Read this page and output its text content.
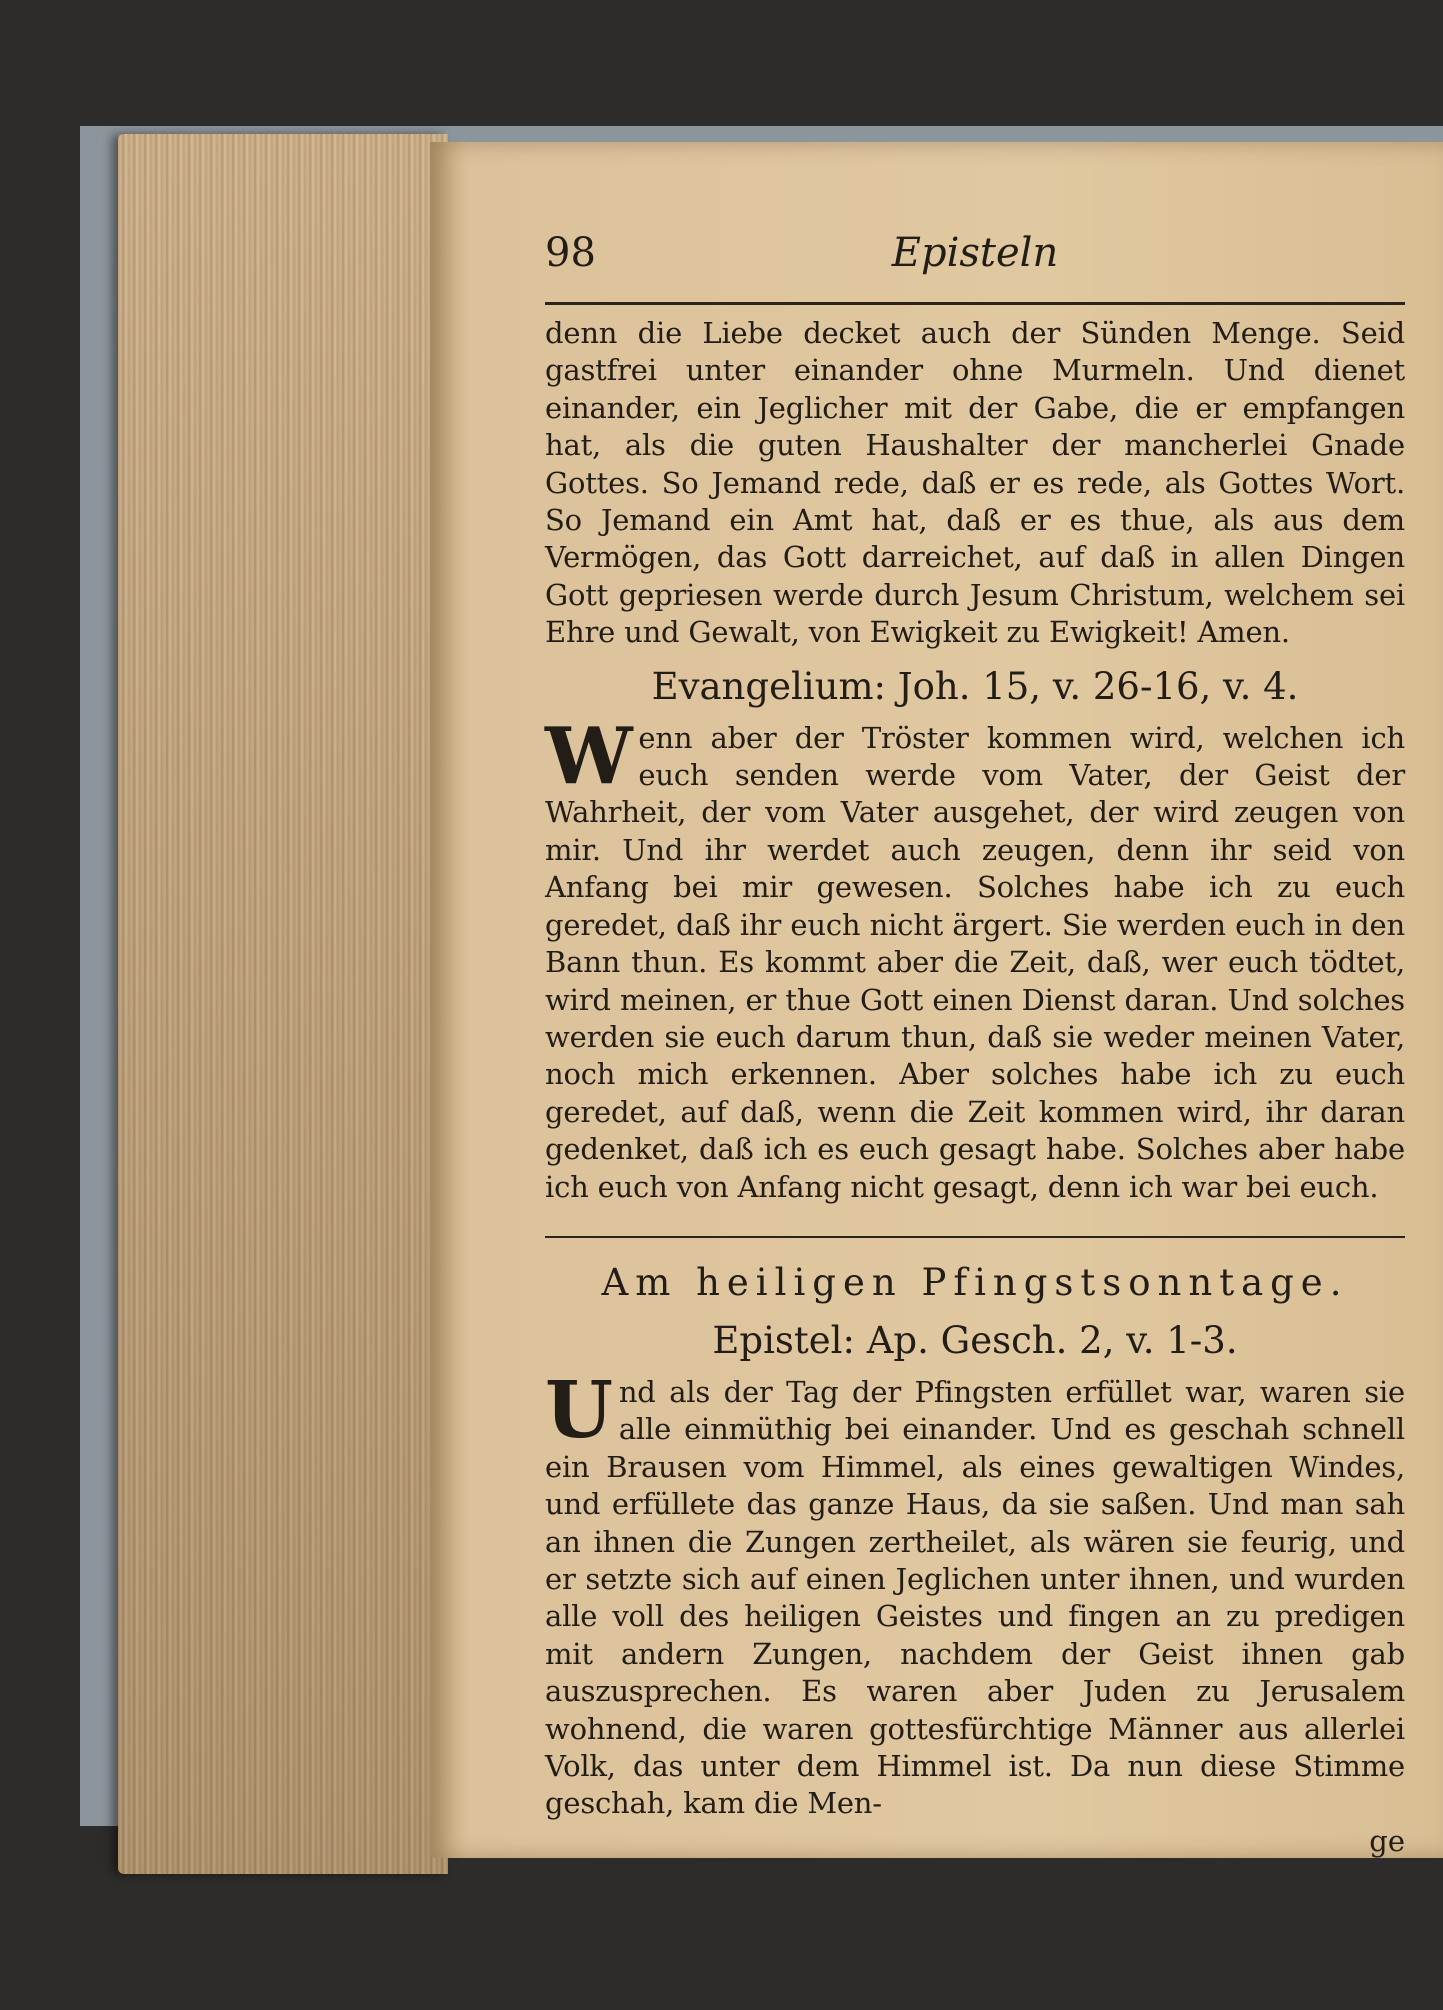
98	Episteln

denn die Liebe decket auch der Sünden Menge. Seid gastfrei unter einander ohne Murmeln. Und dienet einander, ein Jeglicher mit der Gabe, die er empfangen hat, als die guten Haushalter der mancherlei Gnade Gottes. So Jemand rede, daß er es rede, als Gottes Wort. So Jemand ein Amt hat, daß er es thue, als aus dem Vermögen, das Gott darreichet, auf daß in allen Dingen Gott gepriesen werde durch Jesum Christum, welchem sei Ehre und Gewalt, von Ewigkeit zu Ewigkeit! Amen.

Evangelium: Joh. 15, v. 26-16, v. 4.

Wenn aber der Tröster kommen wird, welchen ich euch senden werde vom Vater, der Geist der Wahrheit, der vom Vater ausgehet, der wird zeugen von mir. Und ihr werdet auch zeugen, denn ihr seid von Anfang bei mir gewesen. Solches habe ich zu euch geredet, daß ihr euch nicht ärgert. Sie werden euch in den Bann thun. Es kommt aber die Zeit, daß, wer euch tödtet, wird meinen, er thue Gott einen Dienst daran. Und solches werden sie euch darum thun, daß sie weder meinen Vater, noch mich erkennen. Aber solches habe ich zu euch geredet, auf daß, wenn die Zeit kommen wird, ihr daran gedenket, daß ich es euch gesagt habe. Solches aber habe ich euch von Anfang nicht gesagt, denn ich war bei euch.

Am heiligen Pfingstsonntage.
Epistel: Ap. Gesch. 2, v. 1-3.

Und als der Tag der Pfingsten erfüllet war, waren sie alle einmüthig bei einander. Und es geschah schnell ein Brausen vom Himmel, als eines gewaltigen Windes, und erfüllete das ganze Haus, da sie saßen. Und man sah an ihnen die Zungen zertheilet, als wären sie feurig, und er setzte sich auf einen Jeglichen unter ihnen, und wurden alle voll des heiligen Geistes und fingen an zu predigen mit andern Zungen, nachdem der Geist ihnen gab auszusprechen. Es waren aber Juden zu Jerusalem wohnend, die waren gottesfürchtige Männer aus allerlei Volk, das unter dem Himmel ist. Da nun diese Stimme geschah, kam die Men-

ge
